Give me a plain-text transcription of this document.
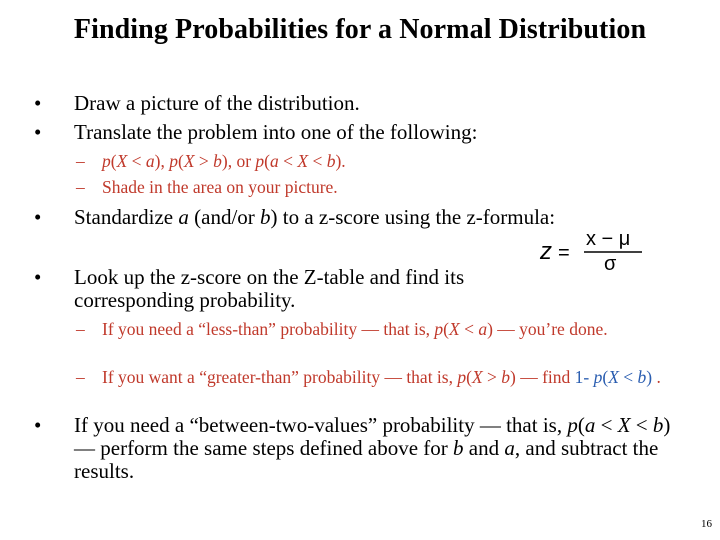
Finding Probabilities for a Normal Distribution
•	Draw a picture of the distribution.
•	Translate the problem into one of the following:
– p(X < a), p(X > b), or p(a < X < b).
– Shade in the area on your picture.
•	Standardize a (and/or b) to a z-score using the z-formula:
z =
x − μ
σ
•	Look up the z-score on the Z-table and find its corresponding probability.
– If you need a “less-than” probability — that is, p(X < a) — you’re done.
– If you want a “greater-than” probability — that is, p(X > b) — find 1- p(X < b) .
•	If you need a “between-two-values” probability — that is, p(a < X < b) — perform the same steps defined above for b and a, and subtract the results.
16
